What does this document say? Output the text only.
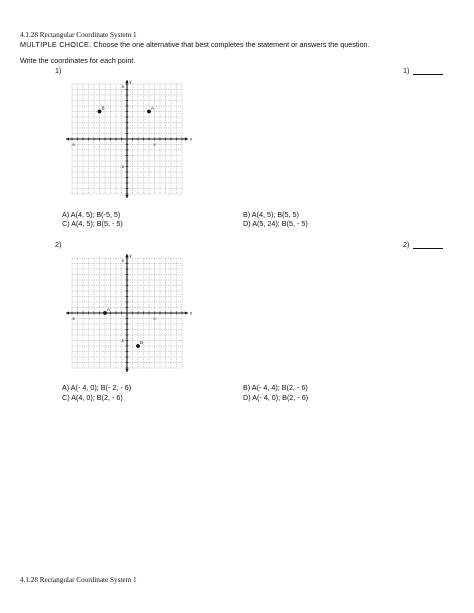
4.1.28 Rectangular Coordinate System 1
MULTIPLE CHOICE. Choose the one alternative that best completes the statement or answers the question.
Write the coordinates for each point.
1)	1)
x
y
-5	5
5
-5
B	A
A) A(4, 5); B(-5, 5)	B) A(4, 5); B(5, 5)
C) A(4, 5); B(5, - 5)	D) A(5, 24); B(5, - 5)
2)	2)
x
y
-5	5
5
-5
A
B
A) A(- 4, 0); B(- 2, - 6)	B) A(- 4, 4); B(2, - 6)
C) A(4, 0); B(2, - 6)	D) A(- 4, 0); B(2, - 6)
4.1.28 Rectangular Coordinate System 1
